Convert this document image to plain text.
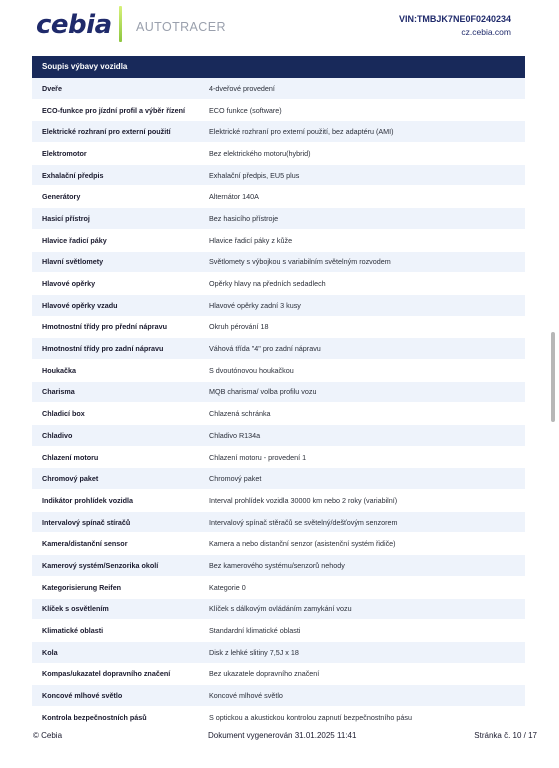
cebia AUTOTRACER
VIN:TMBJK7NE0F0240234
cz.cebia.com
Soupis výbavy vozidla
Dveře	4-dveřové provedení
ECO-funkce pro jízdní profil a výběr řízení	ECO funkce (software)
Elektrické rozhraní pro externí použití	Elektrické rozhraní pro externí použití, bez adaptéru (AMI)
Elektromotor	Bez elektrického motoru(hybrid)
Exhalační předpis	Exhalační předpis, EU5 plus
Generátory	Alternátor 140A
Hasicí přístroj	Bez hasicího přístroje
Hlavice řadicí páky	Hlavice řadicí páky z kůže
Hlavní světlomety	Světlomety s výbojkou s variabilním světelným rozvodem
Hlavové opěrky	Opěrky hlavy na předních sedadlech
Hlavové opěrky vzadu	Hlavové opěrky zadní 3 kusy
Hmotnostní třídy pro přední nápravu	Okruh pérování 18
Hmotnostní třídy pro zadní nápravu	Váhová třída "4" pro zadní nápravu
Houkačka	S dvoutónovou houkačkou
Charisma	MQB charisma/ volba profilu vozu
Chladicí box	Chlazená schránka
Chladivo	Chladivo R134a
Chlazení motoru	Chlazení motoru - provedení 1
Chromový paket	Chromový paket
Indikátor prohlídek vozidla	Interval prohlídek vozidla 30000 km nebo 2 roky (variabilní)
Intervalový spínač stíračů	Intervalový spínač stěračů se světelný/dešťovým senzorem
Kamera/distanční sensor	Kamera a nebo distanční senzor (asistenční systém řidiče)
Kamerový systém/Senzorika okolí	Bez kamerového systému/senzorů nehody
Kategorisierung Reifen	Kategorie 0
Klíček s osvětlením	Klíček s dálkovým ovládáním zamykání vozu
Klimatické oblasti	Standardní klimatické oblasti
Kola	Disk z lehké slitiny 7,5J x 18
Kompas/ukazatel dopravního značení	Bez ukazatele dopravního značení
Koncové mlhové světlo	Koncové mlhové světlo
Kontrola bezpečnostních pásů	S optickou a akustickou kontrolou zapnutí bezpečnostního pásu
© Cebia	Dokument vygenerován 31.01.2025 11:41	Stránka č. 10 / 17
